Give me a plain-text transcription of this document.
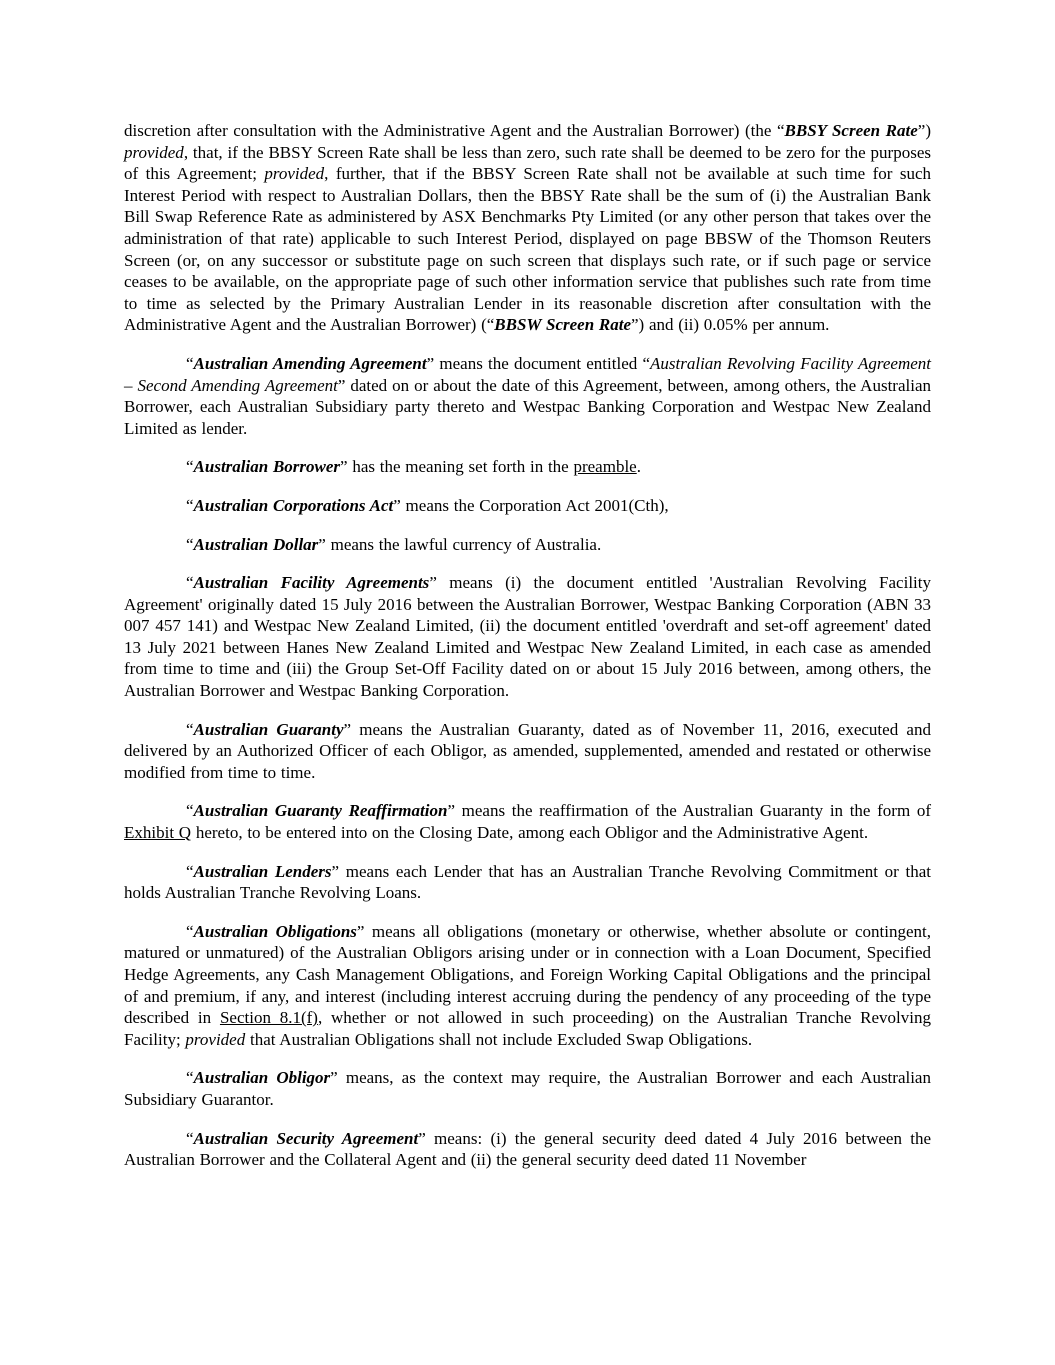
discretion after consultation with the Administrative Agent and the Australian Borrower) (the “BBSY Screen Rate”) provided, that, if the BBSY Screen Rate shall be less than zero, such rate shall be deemed to be zero for the purposes of this Agreement; provided, further, that if the BBSY Screen Rate shall not be available at such time for such Interest Period with respect to Australian Dollars, then the BBSY Rate shall be the sum of (i) the Australian Bank Bill Swap Reference Rate as administered by ASX Benchmarks Pty Limited (or any other person that takes over the administration of that rate) applicable to such Interest Period, displayed on page BBSW of the Thomson Reuters Screen (or, on any successor or substitute page on such screen that displays such rate, or if such page or service ceases to be available, on the appropriate page of such other information service that publishes such rate from time to time as selected by the Primary Australian Lender in its reasonable discretion after consultation with the Administrative Agent and the Australian Borrower) (“BBSW Screen Rate”) and (ii) 0.05% per annum.

“Australian Amending Agreement” means the document entitled “Australian Revolving Facility Agreement – Second Amending Agreement” dated on or about the date of this Agreement, between, among others, the Australian Borrower, each Australian Subsidiary party thereto and Westpac Banking Corporation and Westpac New Zealand Limited as lender.

“Australian Borrower” has the meaning set forth in the preamble.

“Australian Corporations Act” means the Corporation Act 2001(Cth),

“Australian Dollar” means the lawful currency of Australia.

“Australian Facility Agreements” means (i) the document entitled 'Australian Revolving Facility Agreement' originally dated 15 July 2016 between the Australian Borrower, Westpac Banking Corporation (ABN 33 007 457 141) and Westpac New Zealand Limited, (ii) the document entitled 'overdraft and set-off agreement' dated 13 July 2021 between Hanes New Zealand Limited and Westpac New Zealand Limited, in each case as amended from time to time and (iii) the Group Set-Off Facility dated on or about 15 July 2016 between, among others, the Australian Borrower and Westpac Banking Corporation.

“Australian Guaranty” means the Australian Guaranty, dated as of November 11, 2016, executed and delivered by an Authorized Officer of each Obligor, as amended, supplemented, amended and restated or otherwise modified from time to time.

“Australian Guaranty Reaffirmation” means the reaffirmation of the Australian Guaranty in the form of Exhibit Q hereto, to be entered into on the Closing Date, among each Obligor and the Administrative Agent.

“Australian Lenders” means each Lender that has an Australian Tranche Revolving Commitment or that holds Australian Tranche Revolving Loans.

“Australian Obligations” means all obligations (monetary or otherwise, whether absolute or contingent, matured or unmatured) of the Australian Obligors arising under or in connection with a Loan Document, Specified Hedge Agreements, any Cash Management Obligations, and Foreign Working Capital Obligations and the principal of and premium, if any, and interest (including interest accruing during the pendency of any proceeding of the type described in Section 8.1(f), whether or not allowed in such proceeding) on the Australian Tranche Revolving Facility; provided that Australian Obligations shall not include Excluded Swap Obligations.

“Australian Obligor” means, as the context may require, the Australian Borrower and each Australian Subsidiary Guarantor.

“Australian Security Agreement” means: (i) the general security deed dated 4 July 2016 between the Australian Borrower and the Collateral Agent and (ii) the general security deed dated 11 November
